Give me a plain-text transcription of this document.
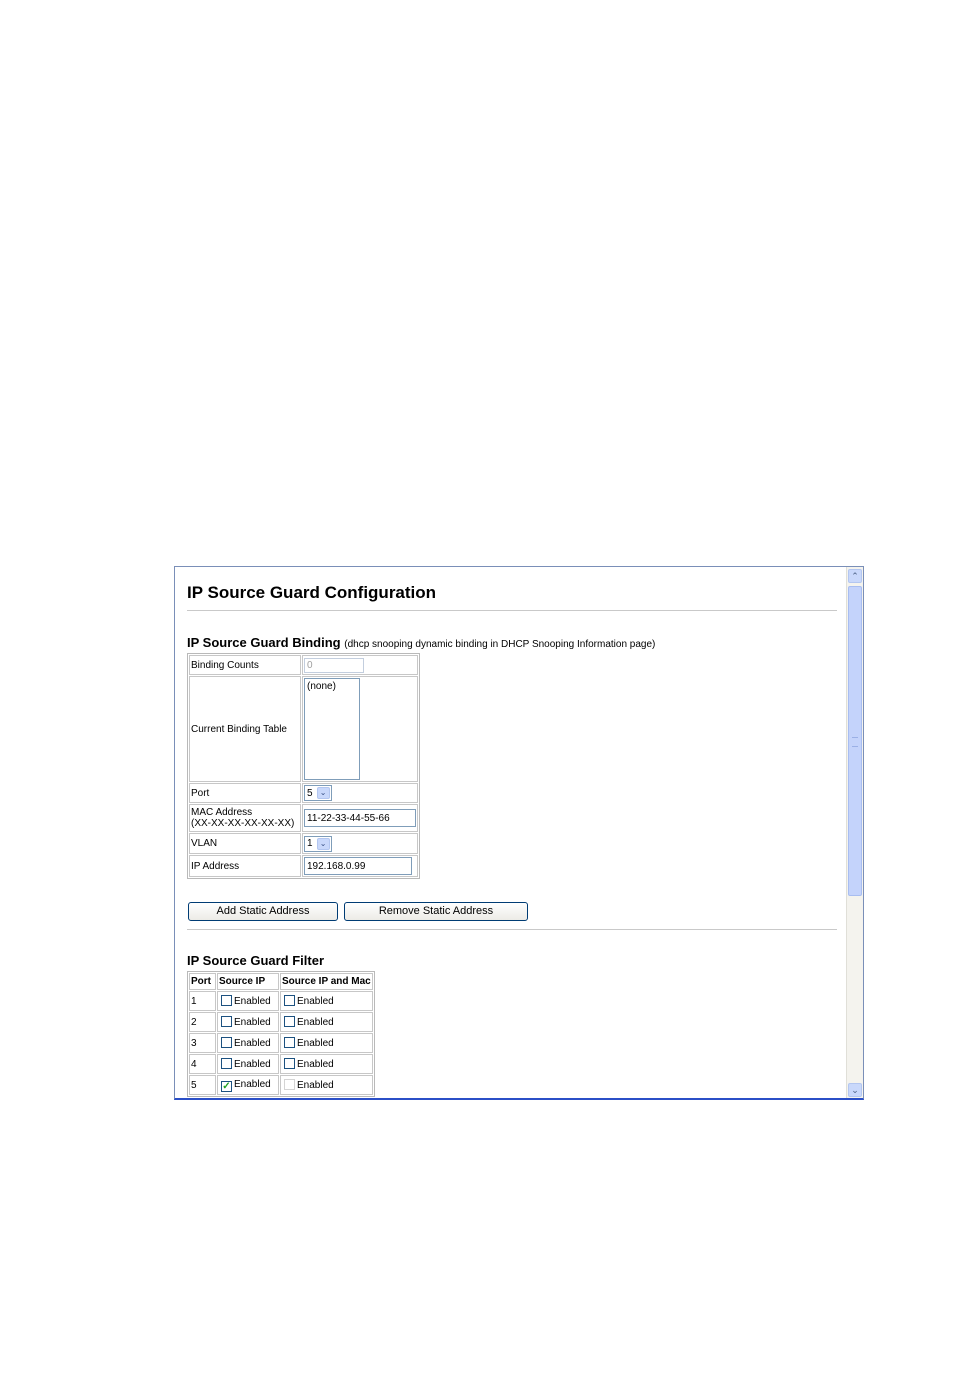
IP Source Guard Configuration
IP Source Guard Binding (dhcp snooping dynamic binding in DHCP Snooping Information page)
Binding Counts	0
Current Binding Table	(none)

Port	5 ⌄

MAC Address
(XX-XX-XX-XX-XX-XX)
	11-22-33-44-55-66
VLAN	1 ⌄

IP Address	192.168.0.99
Add Static Address	Remove Static Address
IP Source Guard Filter
Port	Source IP	Source IP and Mac
1	Enabled	Enabled
2	Enabled	Enabled
3	Enabled	Enabled
4	Enabled	Enabled
5	✓ Enabled	Enabled
⌃
⌄
